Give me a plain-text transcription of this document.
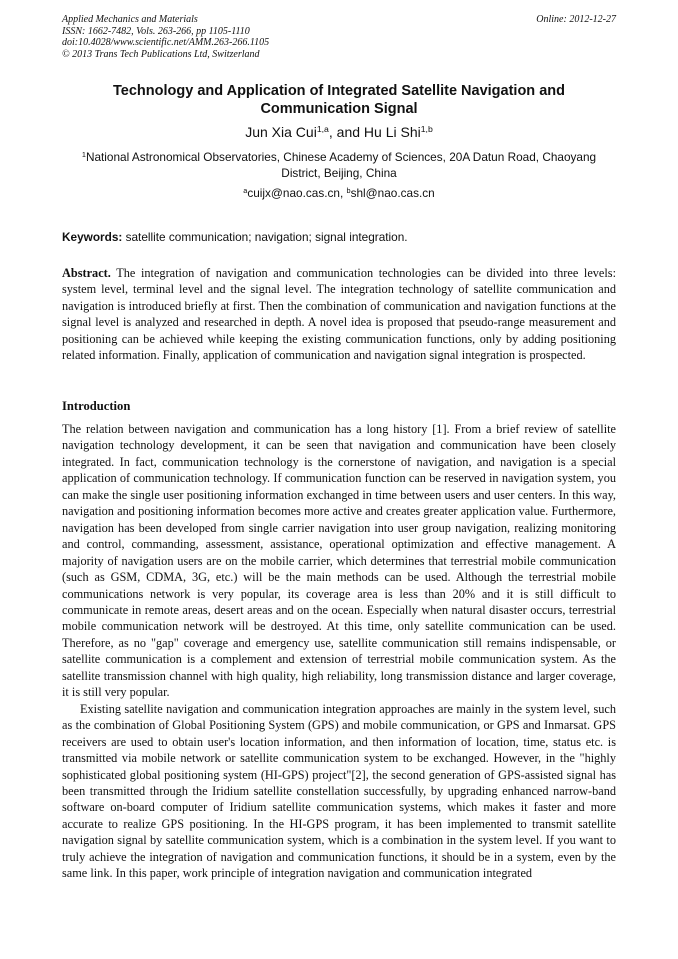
Applied Mechanics and Materials
ISSN: 1662-7482, Vols. 263-266, pp 1105-1110
doi:10.4028/www.scientific.net/AMM.263-266.1105
© 2013 Trans Tech Publications Ltd, Switzerland
Online: 2012-12-27
Technology and Application of Integrated Satellite Navigation and
Communication Signal
Jun Xia Cui$^{1,a}$, and Hu Li Shi$^{1,b}$
$^1$National Astronomical Observatories, Chinese Academy of Sciences, 20A Datun Road, Chaoyang District, Beijing, China
$^a$cuijx@nao.cas.cn, $^b$shl@nao.cas.cn
Keywords: satellite communication; navigation; signal integration.

Abstract. The integration of navigation and communication technologies can be divided into three levels: system level, terminal level and the signal level. The integration technology of satellite communication and navigation is introduced briefly at first. Then the combination of communication and navigation functions at the signal level is analyzed and researched in depth. A novel idea is proposed that pseudo-range measurement and positioning can be achieved while keeping the existing communication functions, only by adding positioning related information. Finally, application of communication and navigation signal integration is prospected.

Introduction

The relation between navigation and communication has a long history [1]. From a brief review of satellite navigation technology development, it can be seen that navigation and communication have been closely integrated. In fact, communication technology is the cornerstone of navigation, and navigation is a special application of communication technology. If communication function can be reserved in navigation system, you can make the single user positioning information exchanged in time between users and user centers. In this way, navigation and positioning information becomes more active and creates greater application value. Furthermore, navigation has been developed from single carrier navigation into user group navigation, realizing monitoring and control, commanding, assessment, assistance, operational optimization and effective management. A majority of navigation users are on the mobile carrier, which determines that terrestrial mobile communication (such as GSM, CDMA, 3G, etc.) will be the main methods can be used. Although the terrestrial mobile communications network is very popular, its coverage area is less than 20% and it is still difficult to communicate in remote areas, desert areas and on the ocean. Especially when natural disaster occurs, terrestrial mobile communication network will be destroyed. At this time, only satellite communication can be used. Therefore, as no "gap" coverage and emergency use, satellite communication still remains indispensable, or satellite communication is a complement and extension of terrestrial mobile communication system. As the satellite transmission channel with high quality, high reliability, long transmission distance and larger coverage, it is still very popular.

Existing satellite navigation and communication integration approaches are mainly in the system level, such as the combination of Global Positioning System (GPS) and mobile communication, or GPS and Inmarsat. GPS receivers are used to obtain user's location information, and then information of location, time, status etc. is transmitted via mobile network or satellite communication system to be exchanged. However, in the "highly sophisticated global positioning system (HI-GPS) project"[2], the second generation of GPS-assisted signal has been transmitted through the Iridium satellite constellation successfully, by upgrading enhanced narrow-band software on-board computer of Iridium satellite communication systems, which makes it faster and more accurate to realize GPS positioning. In the HI-GPS program, it has been implemented to transmit satellite navigation signal by satellite communication system, which is a combination in the system level. If you want to truly achieve the integration of navigation and communication functions, it should be in a system, even by the same link. In this paper, work principle of integration navigation and communication integrated
